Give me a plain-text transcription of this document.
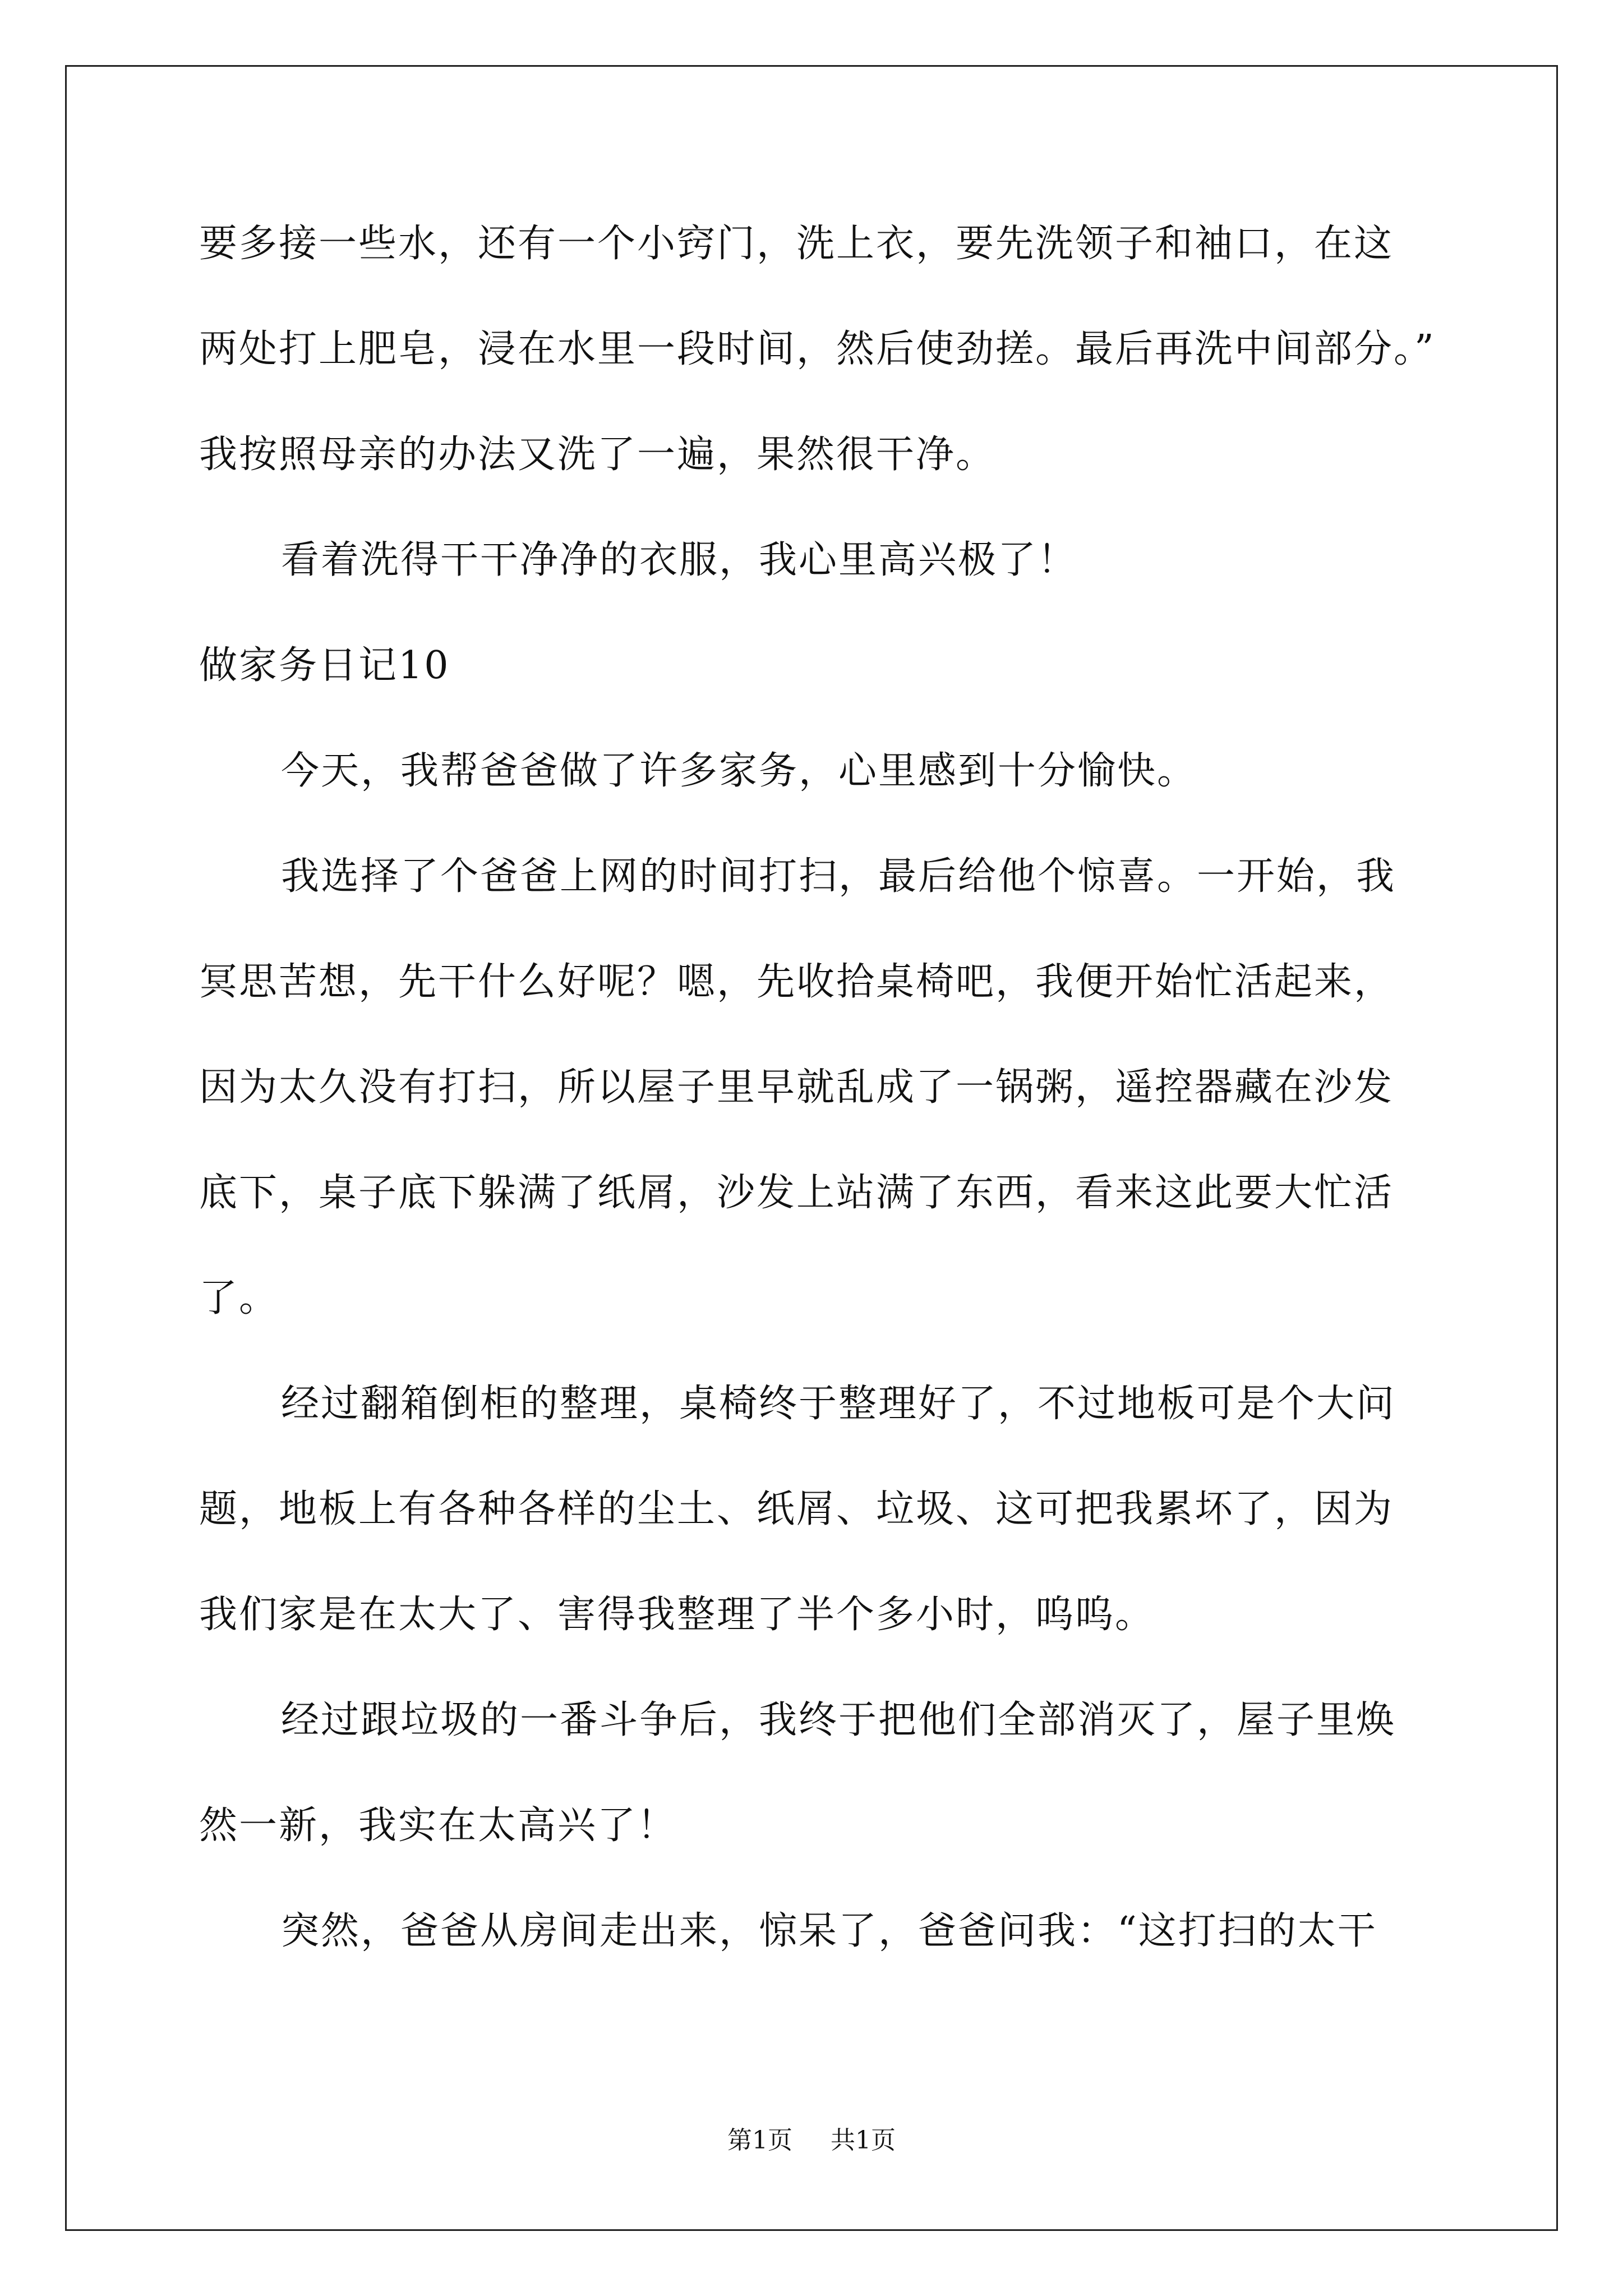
要多接一些水，还有一个小窍门，洗上衣，要先洗领子和袖口，在这
两处打上肥皂，浸在水里一段时间，然后使劲搓。最后再洗中间部分。”
我按照母亲的办法又洗了一遍，果然很干净。
看着洗得干干净净的衣服，我心里高兴极了！
做家务日记10
今天，我帮爸爸做了许多家务，心里感到十分愉快。
我选择了个爸爸上网的时间打扫，最后给他个惊喜。一开始，我
冥思苦想，先干什么好呢？嗯，先收拾桌椅吧，我便开始忙活起来，
因为太久没有打扫，所以屋子里早就乱成了一锅粥，遥控器藏在沙发
底下，桌子底下躲满了纸屑，沙发上站满了东西，看来这此要大忙活
了。
经过翻箱倒柜的整理，桌椅终于整理好了，不过地板可是个大问
题，地板上有各种各样的尘土、纸屑、垃圾、这可把我累坏了，因为
我们家是在太大了、害得我整理了半个多小时，呜呜。
经过跟垃圾的一番斗争后，我终于把他们全部消灭了，屋子里焕
然一新，我实在太高兴了！
突然，爸爸从房间走出来，惊呆了，爸爸问我：“这打扫的太干
第1页 共1页
